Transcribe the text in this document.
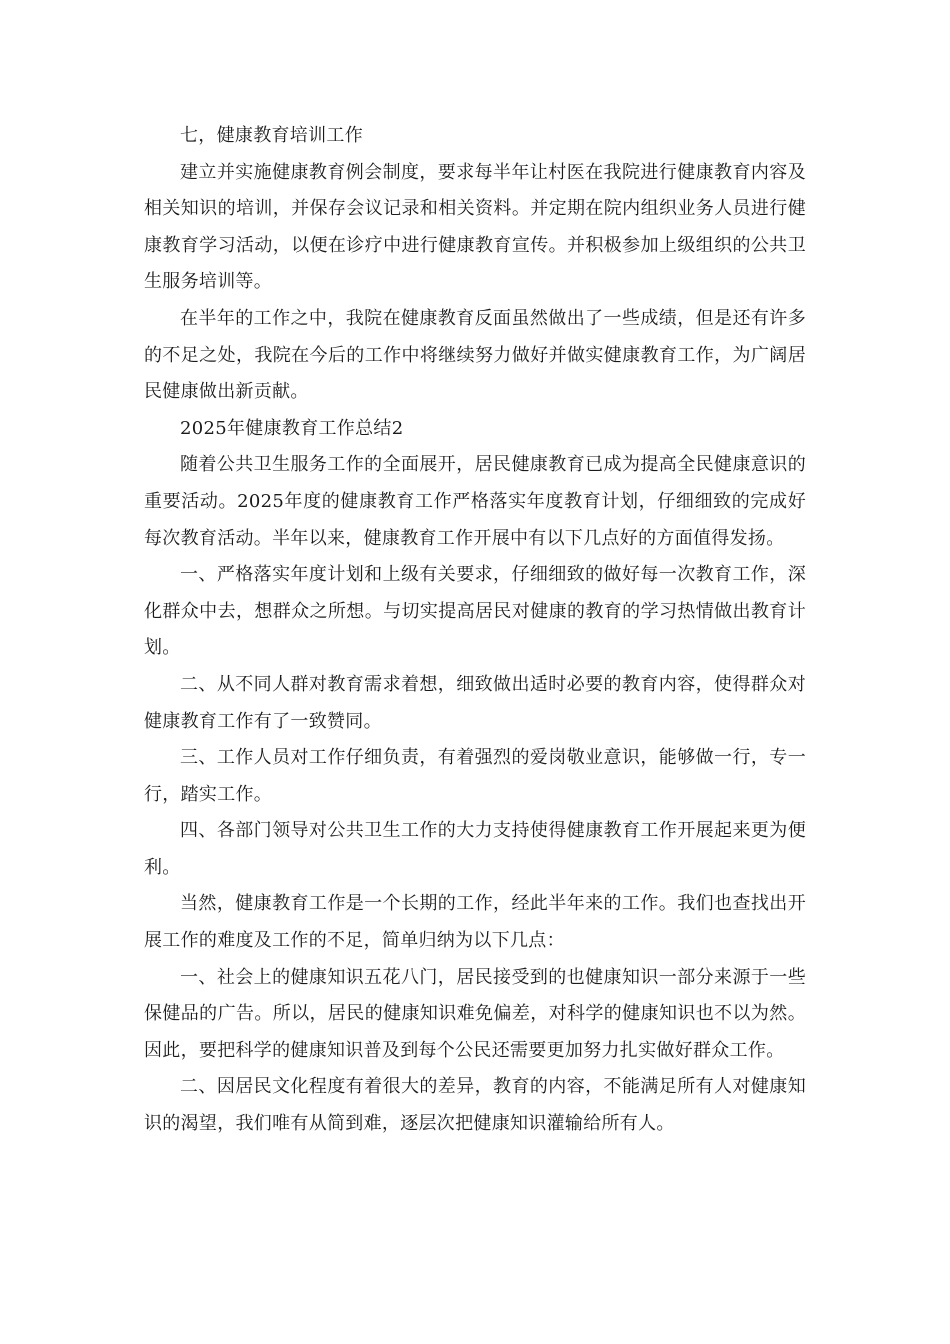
七，健康教育培训工作

建立并实施健康教育例会制度，要求每半年让村医在我院进行健康教育内容及相关知识的培训，并保存会议记录和相关资料。并定期在院内组织业务人员进行健康教育学习活动，以便在诊疗中进行健康教育宣传。并积极参加上级组织的公共卫生服务培训等。

在半年的工作之中，我院在健康教育反面虽然做出了一些成绩，但是还有许多的不足之处，我院在今后的工作中将继续努力做好并做实健康教育工作，为广阔居民健康做出新贡献。

2025年健康教育工作总结2

随着公共卫生服务工作的全面展开，居民健康教育已成为提高全民健康意识的重要活动。2025年度的健康教育工作严格落实年度教育计划，仔细细致的完成好每次教育活动。半年以来，健康教育工作开展中有以下几点好的方面值得发扬。

一、严格落实年度计划和上级有关要求，仔细细致的做好每一次教育工作，深化群众中去，想群众之所想。与切实提高居民对健康的教育的学习热情做出教育计划。

二、从不同人群对教育需求着想，细致做出适时必要的教育内容，使得群众对健康教育工作有了一致赞同。

三、工作人员对工作仔细负责，有着强烈的爱岗敬业意识，能够做一行，专一行，踏实工作。

四、各部门领导对公共卫生工作的大力支持使得健康教育工作开展起来更为便利。

当然，健康教育工作是一个长期的工作，经此半年来的工作。我们也查找出开展工作的难度及工作的不足，简单归纳为以下几点：

一、社会上的健康知识五花八门，居民接受到的也健康知识一部分来源于一些保健品的广告。所以，居民的健康知识难免偏差，对科学的健康知识也不以为然。因此，要把科学的健康知识普及到每个公民还需要更加努力扎实做好群众工作。

二、因居民文化程度有着很大的差异，教育的内容，不能满足所有人对健康知识的渴望，我们唯有从简到难，逐层次把健康知识灌输给所有人。
